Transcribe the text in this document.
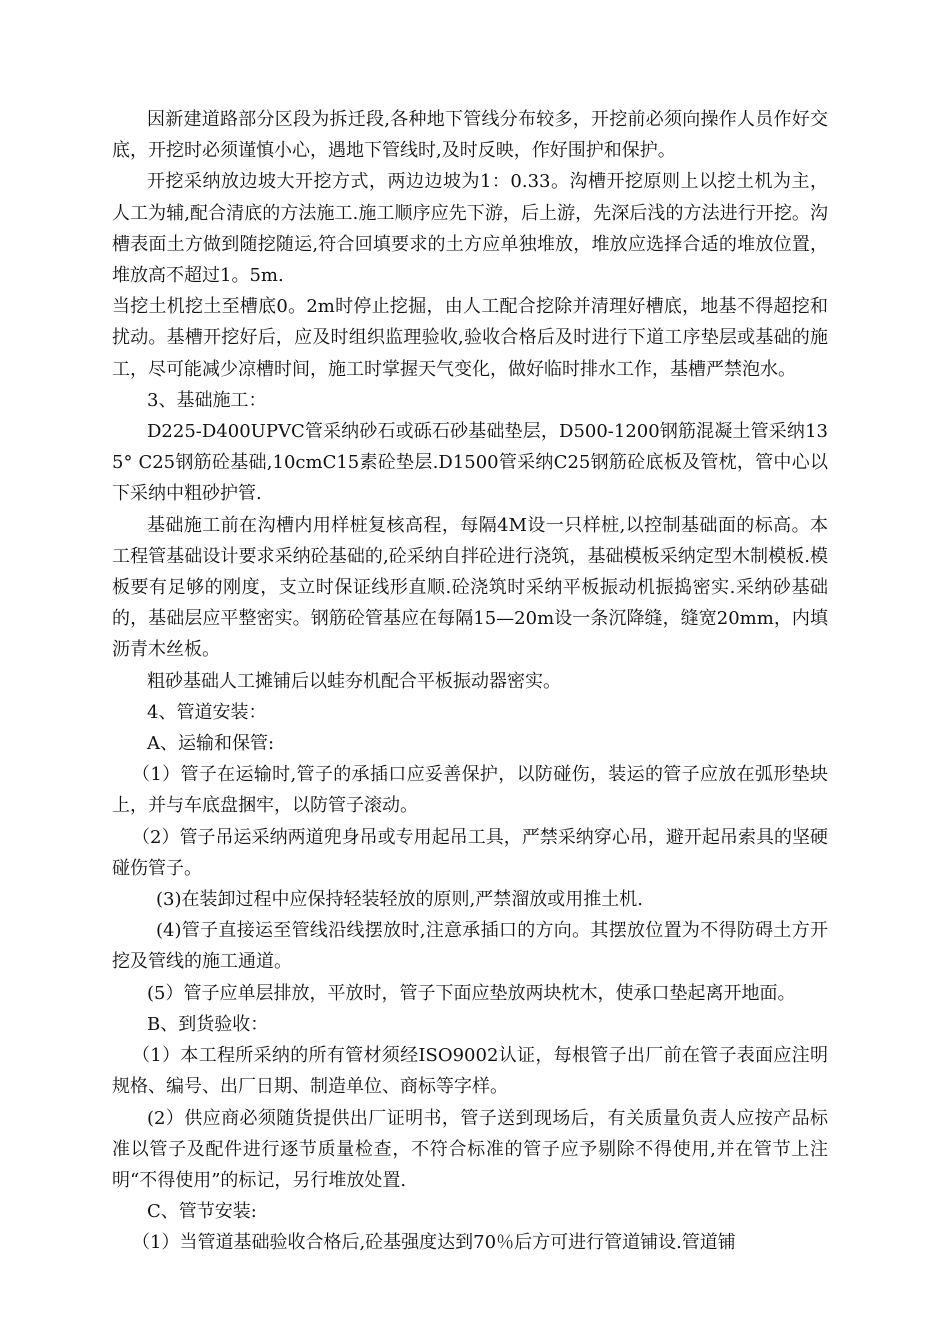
因新建道路部分区段为拆迁段,各种地下管线分布较多，开挖前必须向操作人员作好交底，开挖时必须谨慎小心，遇地下管线时,及时反映，作好围护和保护。

开挖采纳放边坡大开挖方式，两边边坡为1：0.33。沟槽开挖原则上以挖土机为主，人工为辅,配合清底的方法施工.施工顺序应先下游，后上游，先深后浅的方法进行开挖。沟槽表面土方做到随挖随运,符合回填要求的土方应单独堆放，堆放应选择合适的堆放位置，堆放高不超过1。5m.

当挖土机挖土至槽底0。2m时停止挖掘，由人工配合挖除并清理好槽底，地基不得超挖和扰动。基槽开挖好后，应及时组织监理验收,验收合格后及时进行下道工序垫层或基础的施工，尽可能减少凉槽时间，施工时掌握天气变化，做好临时排水工作，基槽严禁泡水。

3、基础施工：

D225-D400UPVC管采纳砂石或砾石砂基础垫层，D500-1200钢筋混凝土管采纳135° C25钢筋砼基础,10cmC15素砼垫层.D1500管采纳C25钢筋砼底板及管枕，管中心以下采纳中粗砂护管.

基础施工前在沟槽内用样桩复核高程，每隔4M设一只样桩,以控制基础面的标高。本工程管基础设计要求采纳砼基础的,砼采纳自拌砼进行浇筑，基础模板采纳定型木制模板.模板要有足够的刚度，支立时保证线形直顺.砼浇筑时采纳平板振动机振捣密实.采纳砂基础的，基础层应平整密实。钢筋砼管基应在每隔15—20m设一条沉降缝，缝宽20mm，内填沥青木丝板。

粗砂基础人工摊铺后以蛙夯机配合平板振动器密实。

4、管道安装：

A、运输和保管:

（1）管子在运输时,管子的承插口应妥善保护，以防碰伤，装运的管子应放在弧形垫块上，并与车底盘捆牢，以防管子滚动。

（2）管子吊运采纳两道兜身吊或专用起吊工具，严禁采纳穿心吊，避开起吊索具的坚硬碰伤管子。

(3)在装卸过程中应保持轻装轻放的原则,严禁溜放或用推土机.

(4)管子直接运至管线沿线摆放时,注意承插口的方向。其摆放位置为不得防碍土方开挖及管线的施工通道。

(5）管子应单层排放，平放时，管子下面应垫放两块枕木，使承口垫起离开地面。

B、到货验收：

（1）本工程所采纳的所有管材须经ISO9002认证，每根管子出厂前在管子表面应注明规格、编号、出厂日期、制造单位、商标等字样。

(2）供应商必须随货提供出厂证明书，管子送到现场后，有关质量负责人应按产品标准以管子及配件进行逐节质量检查，不符合标准的管子应予剔除不得使用,并在管节上注明“不得使用”的标记，另行堆放处置.

C、管节安装:

（1）当管道基础验收合格后,砼基强度达到70％后方可进行管道铺设.管道铺
